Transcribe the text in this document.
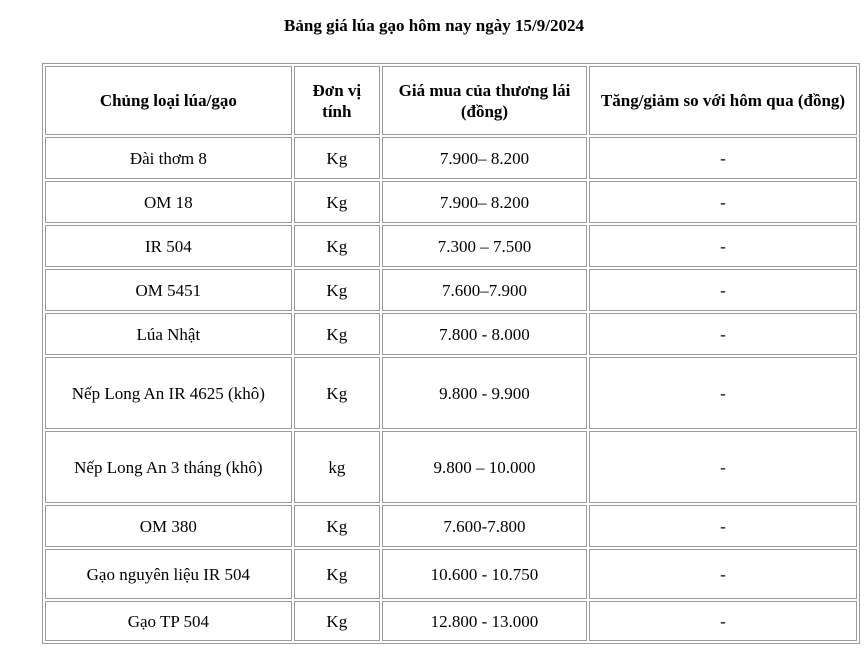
Bảng giá lúa gạo hôm nay ngày 15/9/2024
Chủng loại lúa/gạo	Đơn vị tính	Giá mua của thương lái (đồng)	Tăng/giảm so với hôm qua (đồng)
Đài thơm 8	Kg	7.900– 8.200	-
OM 18	Kg	7.900– 8.200	-
IR 504	Kg	7.300 – 7.500	-
OM 5451	Kg	7.600–7.900	-
Lúa Nhật	Kg	7.800 - 8.000	-
Nếp Long An IR 4625 (khô)	Kg	9.800 - 9.900	-
Nếp Long An 3 tháng (khô)	kg	9.800 – 10.000	-
OM 380	Kg	7.600-7.800	-
Gạo nguyên liệu IR 504	Kg	10.600 - 10.750	-
Gạo TP 504	Kg	12.800 - 13.000	-
